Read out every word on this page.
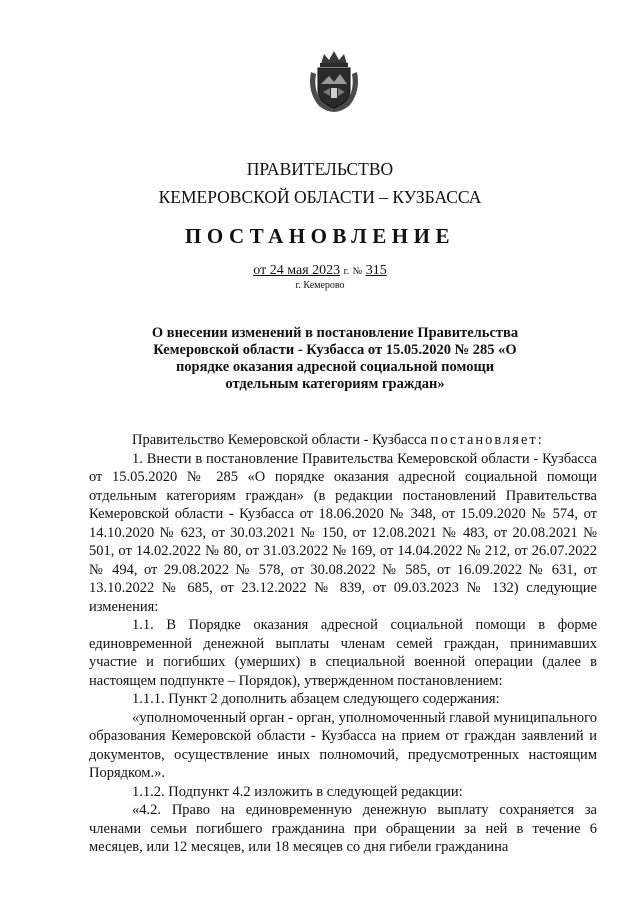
ПРАВИТЕЛЬСТВО
КЕМЕРОВСКОЙ ОБЛАСТИ – КУЗБАССА
ПОСТАНОВЛЕНИЕ
от 24 мая 2023 г. № 315
г. Кемерово
О внесении изменений в постановление Правительства Кемеровской области - Кузбасса от 15.05.2020 № 285 «О порядке оказания адресной социальной помощи отдельным категориям граждан»

Правительство Кемеровской области - Кузбасса постановляет:

1. Внести в постановление Правительства Кемеровской области - Кузбасса от 15.05.2020 № 285 «О порядке оказания адресной социальной помощи отдельным категориям граждан» (в редакции постановлений Правительства Кемеровской области - Кузбасса от 18.06.2020 № 348, от 15.09.2020 № 574, от 14.10.2020 № 623, от 30.03.2021 № 150, от 12.08.2021 № 483, от 20.08.2021 № 501, от 14.02.2022 № 80, от 31.03.2022 № 169, от 14.04.2022 № 212, от 26.07.2022 № 494, от 29.08.2022 № 578, от 30.08.2022 № 585, от 16.09.2022 № 631, от 13.10.2022 № 685, от 23.12.2022 № 839, от 09.03.2023 № 132) следующие изменения:

1.1. В Порядке оказания адресной социальной помощи в форме единовременной денежной выплаты членам семей граждан, принимавших участие и погибших (умерших) в специальной военной операции (далее в настоящем подпункте – Порядок), утвержденном постановлением:

1.1.1. Пункт 2 дополнить абзацем следующего содержания:

«уполномоченный орган - орган, уполномоченный главой муниципального образования Кемеровской области - Кузбасса на прием от граждан заявлений и документов, осуществление иных полномочий, предусмотренных настоящим Порядком.».

1.1.2. Подпункт 4.2 изложить в следующей редакции:

«4.2. Право на единовременную денежную выплату сохраняется за членами семьи погибшего гражданина при обращении за ней в течение 6 месяцев, или 12 месяцев, или 18 месяцев со дня гибели гражданина
